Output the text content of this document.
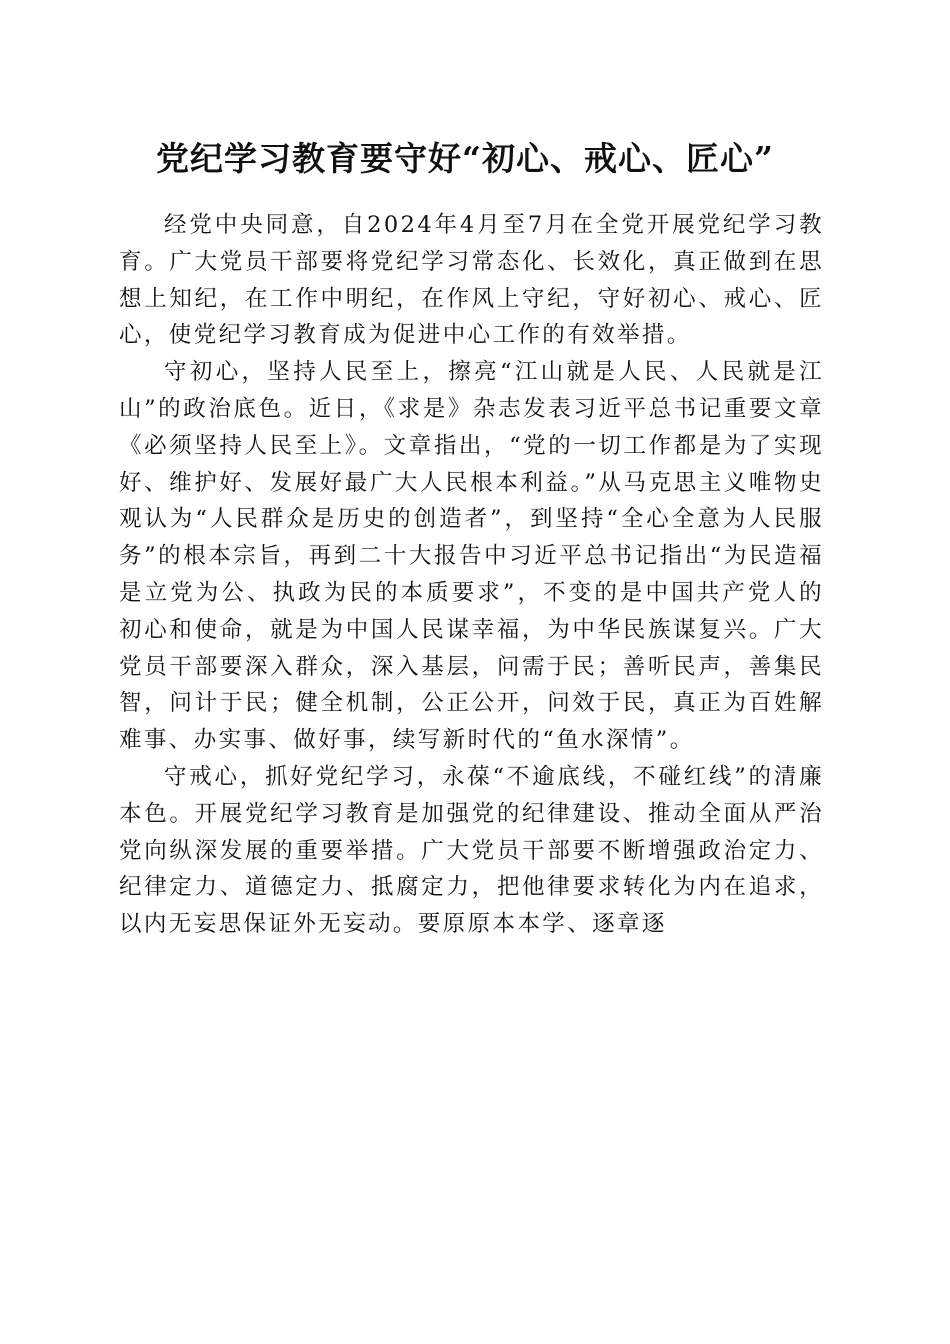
党纪学习教育要守好“初心、戒心、匠心”

经党中央同意，自2024年4月至7月在全党开展党纪学习教育。广大党员干部要将党纪学习常态化、长效化，真正做到在思想上知纪，在工作中明纪，在作风上守纪，守好初心、戒心、匠心，使党纪学习教育成为促进中心工作的有效举措。

守初心，坚持人民至上，擦亮“江山就是人民、人民就是江山”的政治底色。近日，《求是》杂志发表习近平总书记重要文章《必须坚持人民至上》。文章指出，“党的一切工作都是为了实现好、维护好、发展好最广大人民根本利益。”从马克思主义唯物史观认为“人民群众是历史的创造者”，到坚持“全心全意为人民服务”的根本宗旨，再到二十大报告中习近平总书记指出“为民造福是立党为公、执政为民的本质要求”，不变的是中国共产党人的初心和使命，就是为中国人民谋幸福，为中华民族谋复兴。广大党员干部要深入群众，深入基层，问需于民；善听民声，善集民智，问计于民；健全机制，公正公开，问效于民，真正为百姓解难事、办实事、做好事，续写新时代的“鱼水深情”。

守戒心，抓好党纪学习，永葆“不逾底线，不碰红线”的清廉本色。开展党纪学习教育是加强党的纪律建设、推动全面从严治党向纵深发展的重要举措。广大党员干部要不断增强政治定力、纪律定力、道德定力、抵腐定力，把他律要求转化为内在追求，以内无妄思保证外无妄动。要原原本本学、逐章逐
